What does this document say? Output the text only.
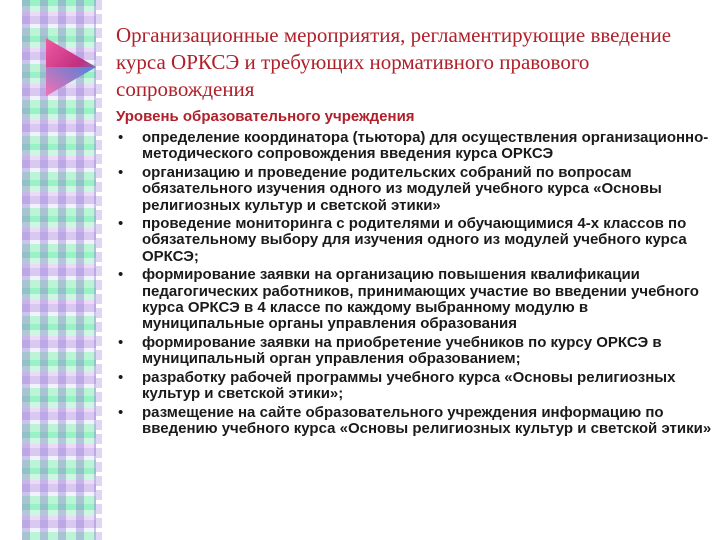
Организационные мероприятия, регламентирующие введение курса ОРКСЭ и требующих нормативного правового сопровождения
Уровень образовательного учреждения
• определение координатора (тьютора) для осуществления организационно-методического сопровождения введения курса ОРКСЭ
• организацию и проведение родительских собраний по вопросам обязательного изучения одного из модулей учебного курса «Основы религиозных культур и светской этики»
• проведение мониторинга с родителями и обучающимися 4-х классов по обязательному выбору для изучения одного из модулей учебного курса ОРКСЭ;
• формирование заявки на организацию повышения квалификации педагогических работников, принимающих участие во введении учебного курса ОРКСЭ в 4 классе по каждому выбранному модулю в муниципальные органы управления образования
• формирование заявки на приобретение учебников по курсу ОРКСЭ в муниципальный орган управления образованием;
• разработку рабочей программы учебного курса «Основы религиозных культур и светской этики»;
• размещение на сайте образовательного учреждения информацию по введению учебного курса «Основы религиозных культур и светской этики»
